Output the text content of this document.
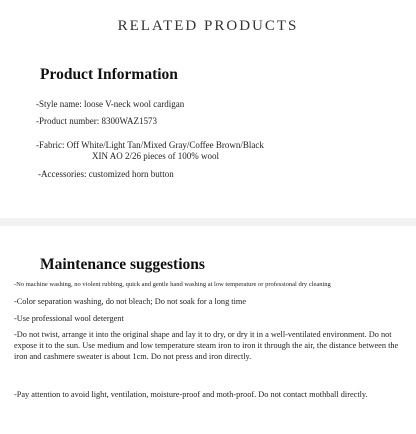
RELATED PRODUCTS
Product Information
-Style name: loose V-neck wool cardigan
-Product number: 8300WAZ1573
-Fabric: Off White/Light Tan/Mixed Gray/Coffee Brown/Black
XIN AO 2/26 pieces of 100% wool
-Accessories: customized horn button
Maintenance suggestions
-No machine washing, no violent rubbing, quick and gentle hand washing at low temperature or professional dry cleaning
-Color separation washing, do not bleach; Do not soak for a long time
-Use professional wool detergent
-Do not twist, arrange it into the original shape and lay it to dry, or dry it in a well-ventilated environment. Do not expose it to the sun. Use medium and low temperature steam iron to iron it through the air, the distance between the iron and cashmere sweater is about 1cm. Do not press and iron directly.
-Pay attention to avoid light, ventilation, moisture-proof and moth-proof. Do not contact mothball directly.
